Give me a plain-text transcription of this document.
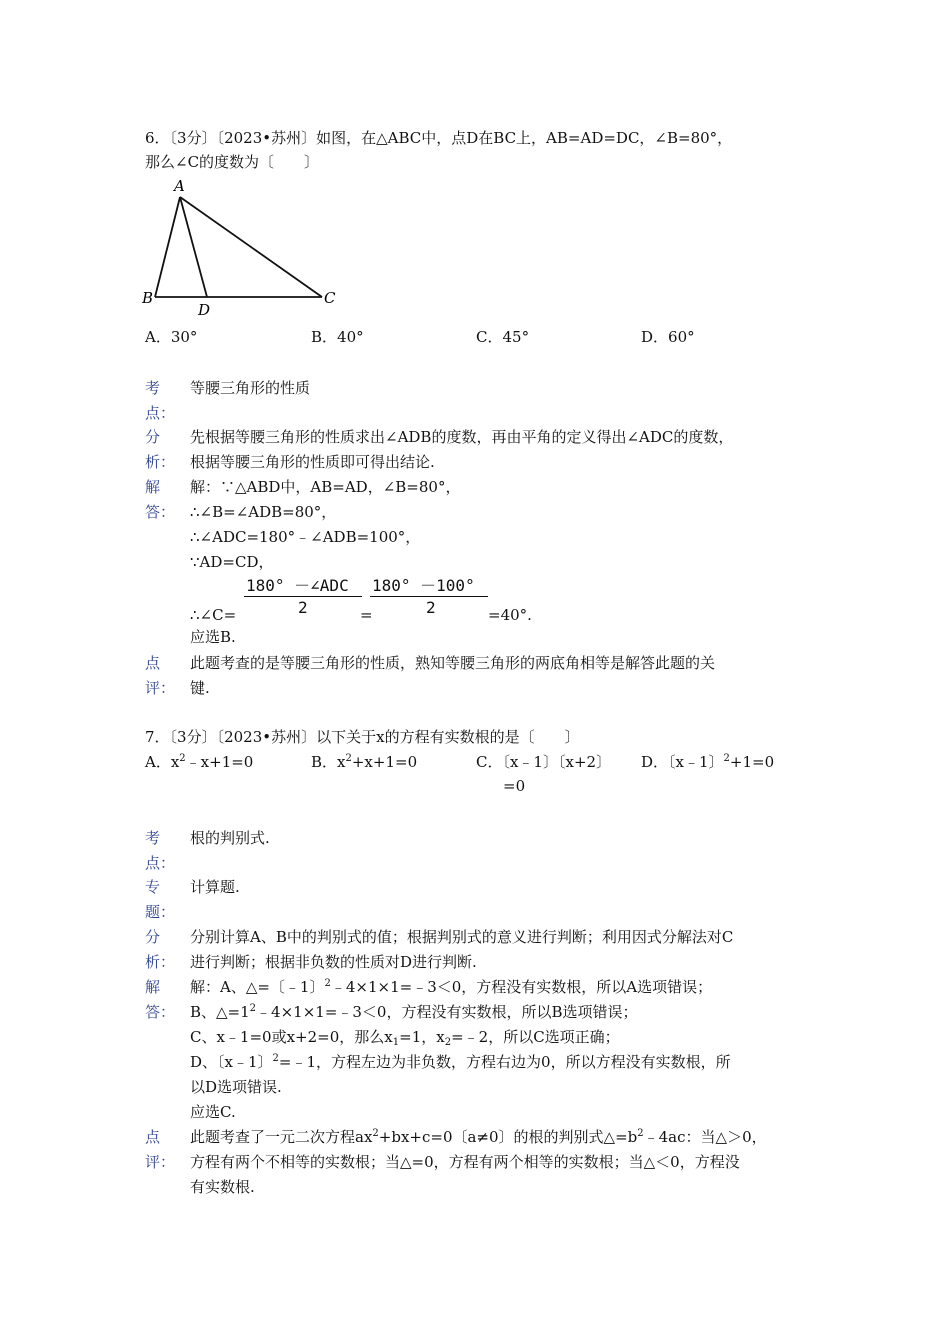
6．〔3分〕〔2023•苏州〕如图，在△ABC中，点D在BC上，AB=AD=DC，∠B=80°，
那么∠C的度数为〔　　〕
A
B
D
C
A．30°	B．40°	C．45°	D．60°
考
点：
等腰三角形的性质
分
析：
先根据等腰三角形的性质求出∠ADB的度数，再由平角的定义得出∠ADC的度数，
根据等腰三角形的性质即可得出结论.
解
答：
解：∵△ABD中，AB=AD，∠B=80°，
∴∠B=∠ADB=80°，
∴∠ADC=180°﹣∠ADB=100°，
∵AD=CD，
180° －∠ADC
2
180° －100°
2
∴∠C=	=	=40°.
应选B.
点
评：
此题考查的是等腰三角形的性质，熟知等腰三角形的两底角相等是解答此题的关
键.
7．〔3分〕〔2023•苏州〕以下关于x的方程有实数根的是〔　　〕
A．$x^2﹣x+1=0$	B．$x^2+x+1=0$	C．〔x﹣1〕〔x+2〕
=0
D．〔x﹣1〕$^2$+1=0
考
点：
根的判别式.
专
题：
计算题.
分
析：
分别计算A、B中的判别式的值；根据判别式的意义进行判断；利用因式分解法对C
进行判断；根据非负数的性质对D进行判断.
解
答：
解：A、△=〔﹣1〕$^2$﹣4×1×1=﹣3＜0，方程没有实数根，所以A选项错误；
B、$\triangle=1^2﹣4\times 1\times 1=﹣3<0$，方程没有实数根，所以B选项错误；
C、x﹣1=0或x+2=0，那么$x_1=1$，$x_2=﹣2$，所以C选项正确；
D、〔x﹣1〕$^2$=﹣1，方程左边为非负数，方程右边为0，所以方程没有实数根，所
以D选项错误.
应选C.
点
评：
此题考查了一元二次方程$ax^2+bx+c=0$〔a≠0〕的根的判别式$\triangle=b^2﹣4ac$：当△＞0，
方程有两个不相等的实数根；当△=0，方程有两个相等的实数根；当△＜0，方程没
有实数根.
